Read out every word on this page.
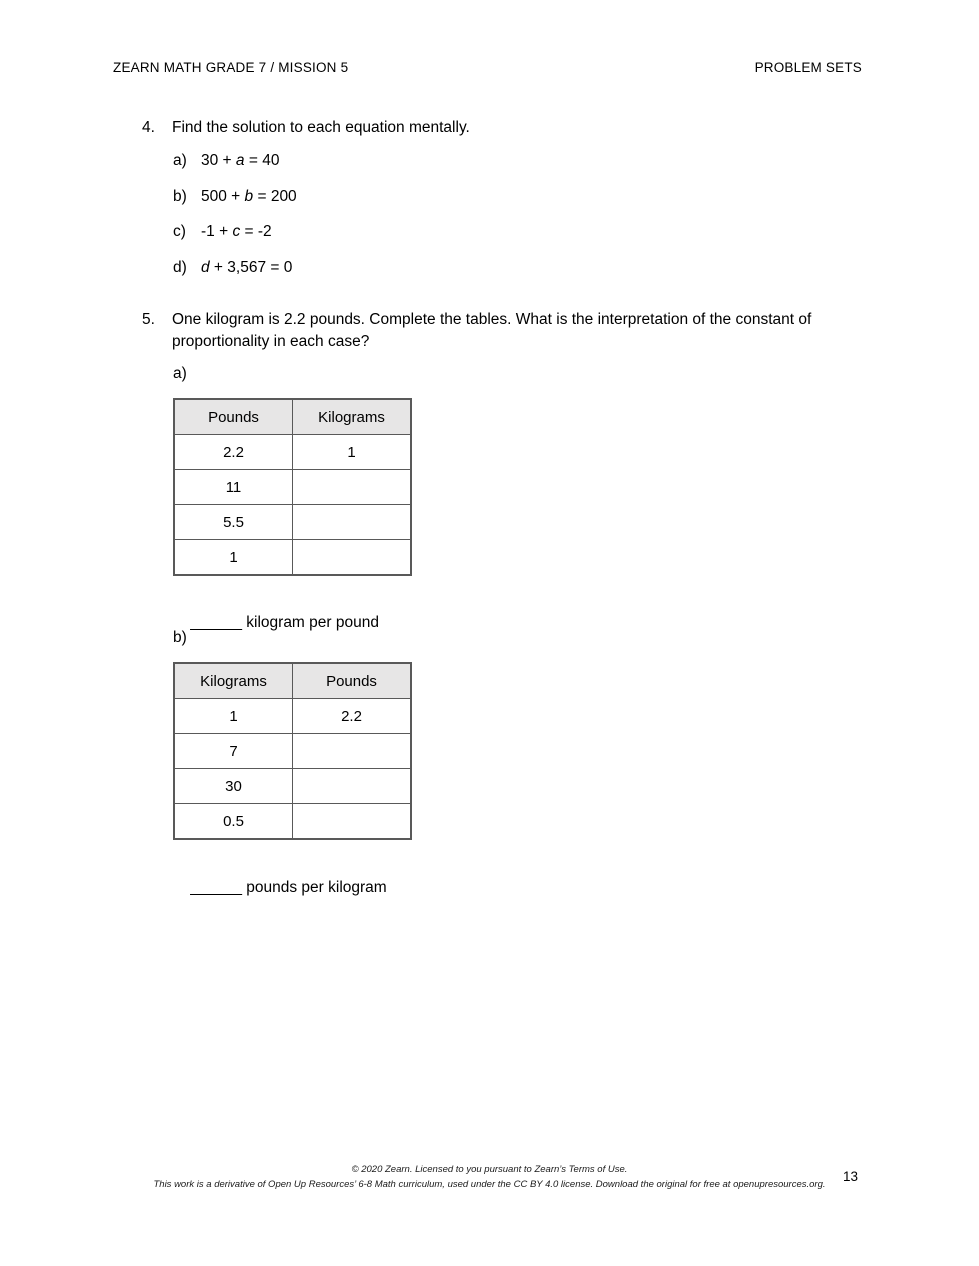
ZEARN MATH GRADE 7 / MISSION 5	PROBLEM SETS
4.	Find the solution to each equation mentally.
a) 30 + a = 40
b) 500 + b = 200
c) -1 + c = -2
d) d + 3,567 = 0
5.	One kilogram is 2.2 pounds. Complete the tables. What is the interpretation of the constant of proportionality in each case?
a)
Pounds	Kilograms
2.2	1
11	
5.5	
1	

______ kilogram per pound

b)
Kilograms	Pounds
1	2.2
7	
30	
0.5	

______ pounds per kilogram

© 2020 Zearn. Licensed to you pursuant to Zearn’s Terms of Use.
This work is a derivative of Open Up Resources’ 6-8 Math curriculum, used under the CC BY 4.0 license. Download the original for free at openupresources.org.
13
